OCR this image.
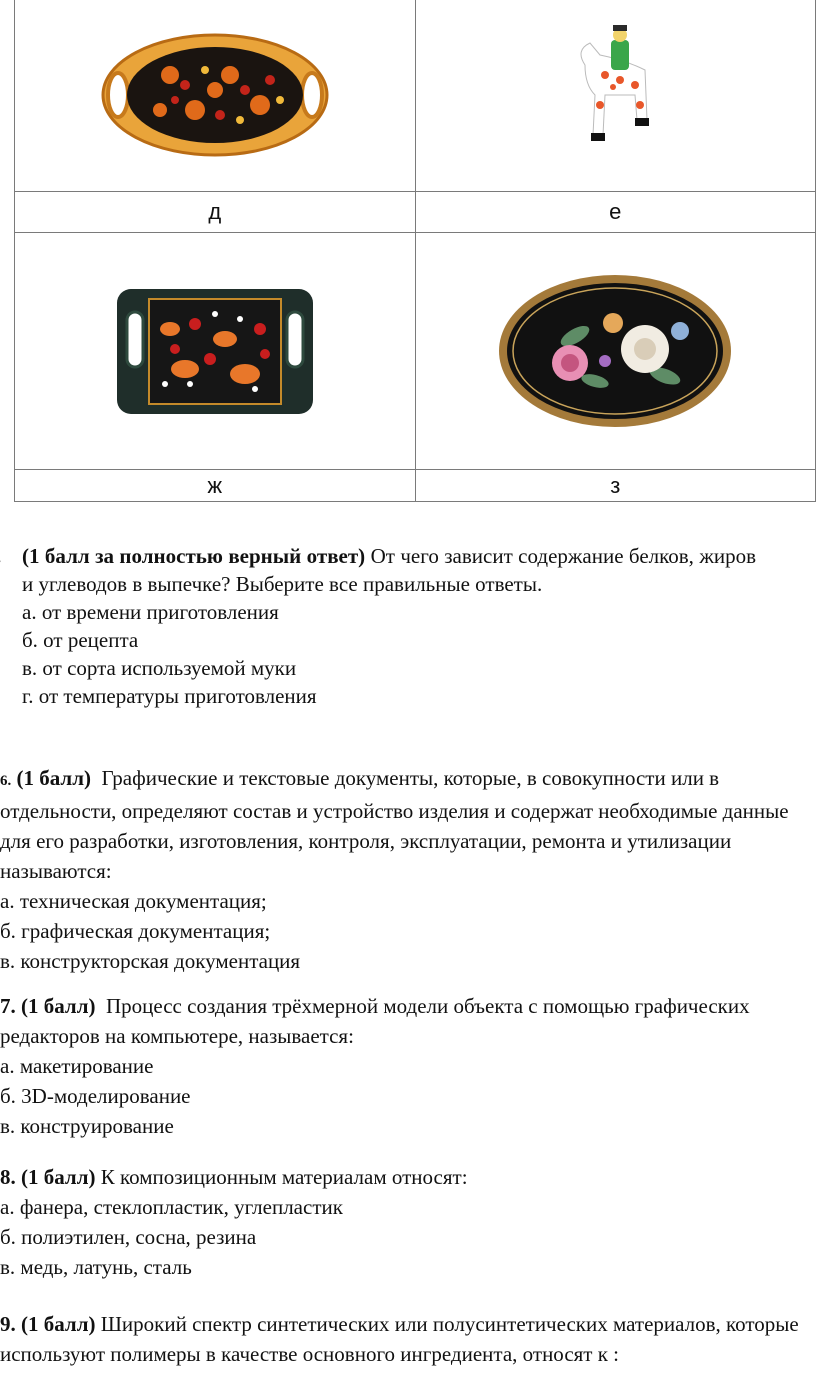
д	е

ж	з
(1 балл за полностью верный ответ) От чего зависит содержание белков, жиров и углеводов в выпечке? Выберите все правильные ответы.
а. от времени приготовления
б. от рецепта
в. от сорта используемой муки
г. от температуры приготовления
6. (1 балл) Графические и текстовые документы, которые, в совокупности или в отдельности, определяют состав и устройство изделия и содержат необходимые данные для его разработки, изготовления, контроля, эксплуатации, ремонта и утилизации называются:
а. техническая документация;
б. графическая документация;
в. конструкторская документация
7. (1 балл) Процесс создания трёхмерной модели объекта с помощью графических редакторов на компьютере, называется:
а. макетирование
б. 3D-моделирование
в. конструирование
8. (1 балл) К композиционным материалам относят:
а. фанера, стеклопластик, углепластик
б. полиэтилен, сосна, резина
в. медь, латунь, сталь
9. (1 балл) Широкий спектр синтетических или полусинтетических материалов, которые используют полимеры в качестве основного ингредиента, относят к :
